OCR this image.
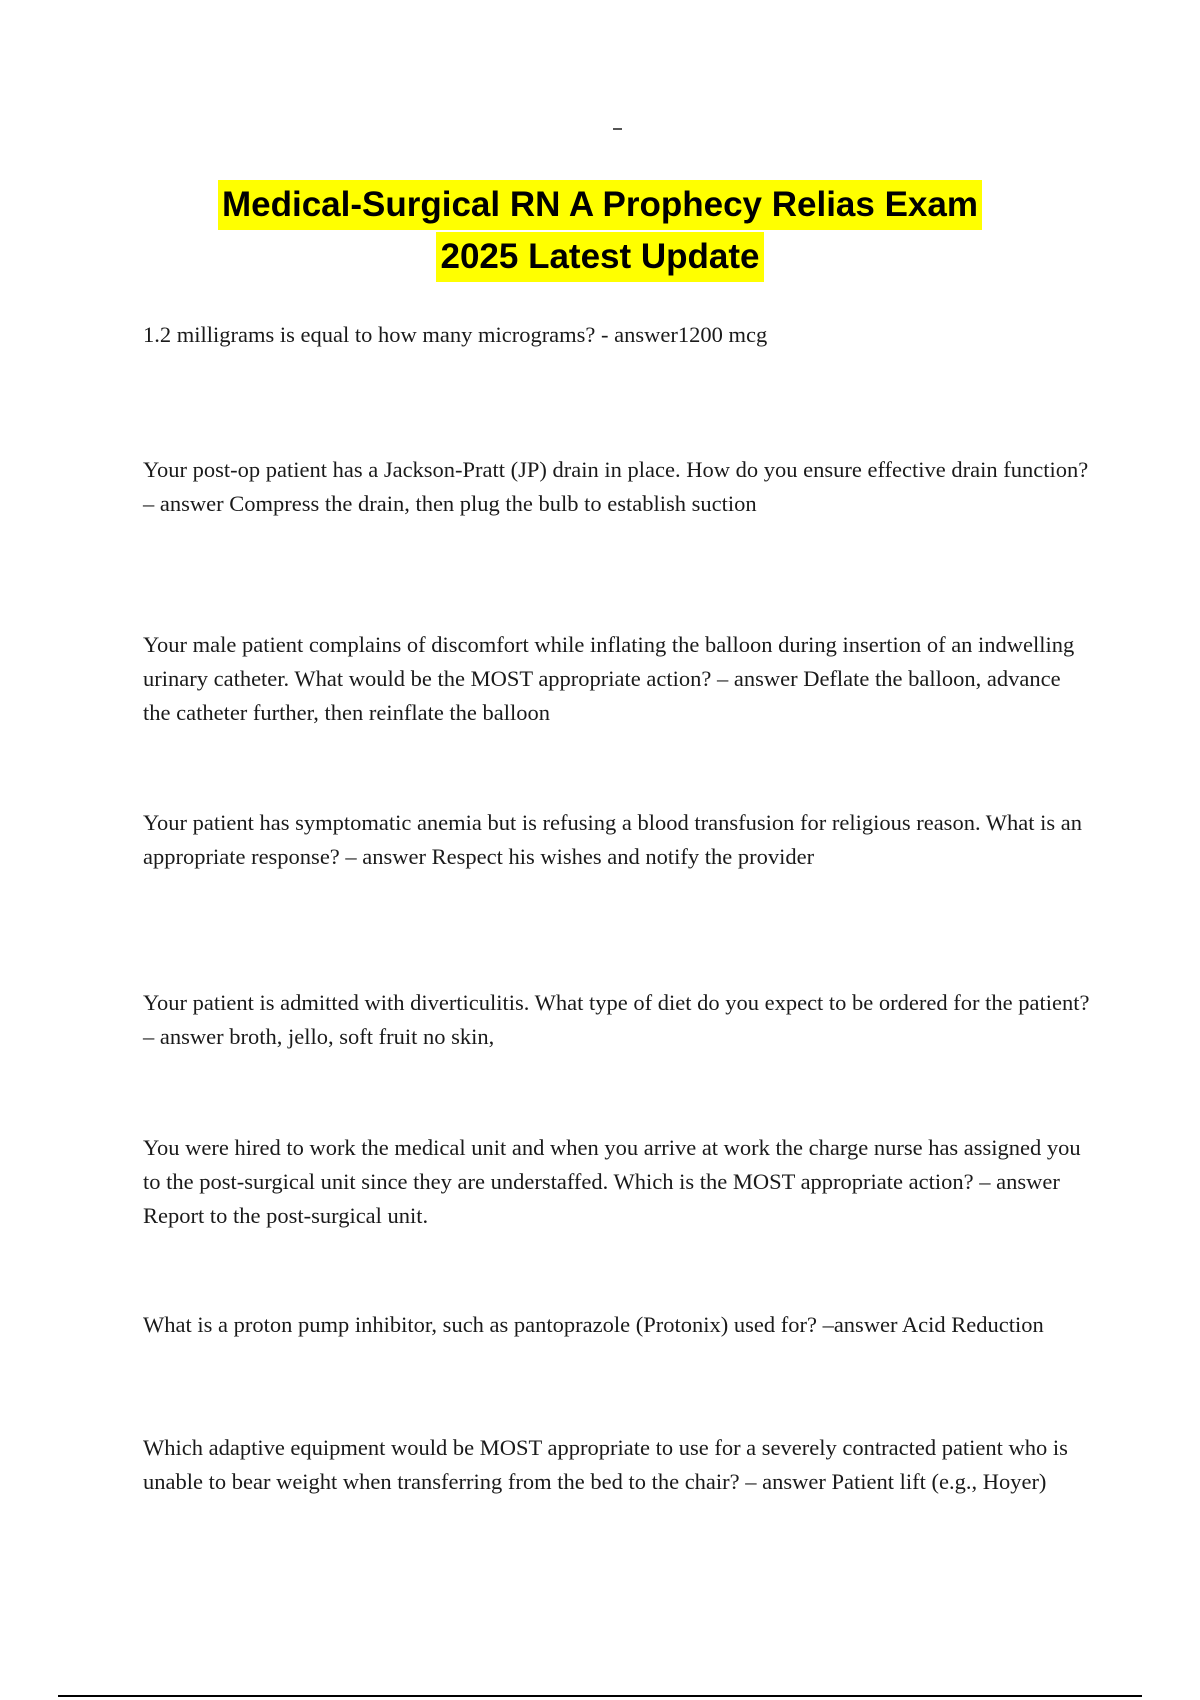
Medical-Surgical RN A Prophecy Relias Exam
2025 Latest Update

1.2 milligrams is equal to how many micrograms? - answer1200 mcg

Your post-op patient has a Jackson-Pratt (JP) drain in place. How do you ensure effective drain function? – answer Compress the drain, then plug the bulb to establish suction

Your male patient complains of discomfort while inflating the balloon during insertion of an indwelling urinary catheter. What would be the MOST appropriate action? – answer Deflate the balloon, advance the catheter further, then reinflate the balloon

Your patient has symptomatic anemia but is refusing a blood transfusion for religious reason. What is an appropriate response? – answer Respect his wishes and notify the provider

Your patient is admitted with diverticulitis. What type of diet do you expect to be ordered for the patient? – answer broth, jello, soft fruit no skin,

You were hired to work the medical unit and when you arrive at work the charge nurse has assigned you to the post-surgical unit since they are understaffed. Which is the MOST appropriate action? – answer Report to the post-surgical unit.

What is a proton pump inhibitor, such as pantoprazole (Protonix) used for? –answer Acid Reduction

Which adaptive equipment would be MOST appropriate to use for a severely contracted patient who is unable to bear weight when transferring from the bed to the chair? – answer Patient lift (e.g., Hoyer)
